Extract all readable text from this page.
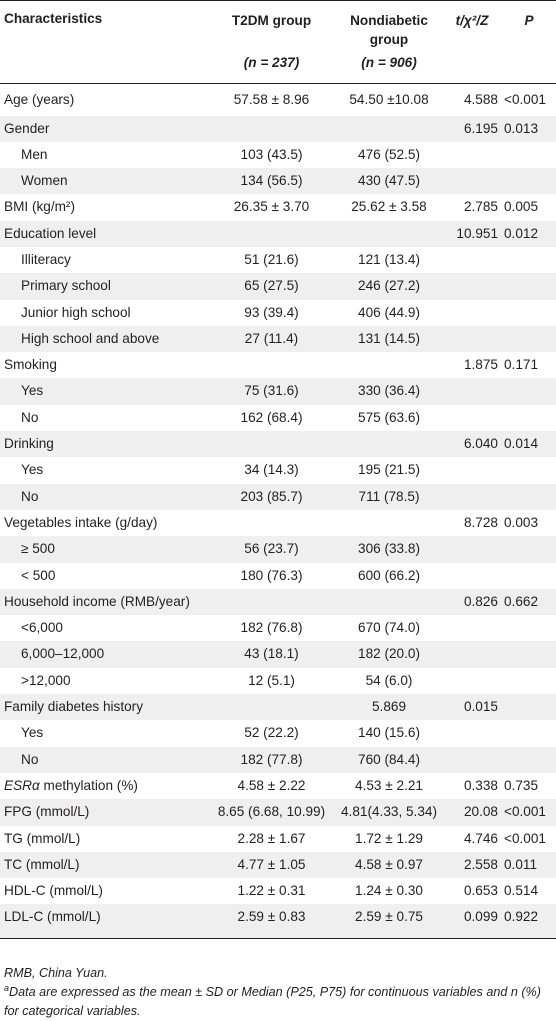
Characteristics	T2DM group	Nondiabetic group	t/χ²/Z	P
	(n = 237)	(n = 906)		
Age (years)	57.58 ± 8.96	54.50 ±10.08	4.588	<0.001
Gender			6.195	0.013
Men	103 (43.5)	476 (52.5)		
Women	134 (56.5)	430 (47.5)		
BMI (kg/m²)	26.35 ± 3.70	25.62 ± 3.58	2.785	0.005
Education level			10.951	0.012
Illiteracy	51 (21.6)	121 (13.4)		
Primary school	65 (27.5)	246 (27.2)		
Junior high school	93 (39.4)	406 (44.9)		
High school and above	27 (11.4)	131 (14.5)		
Smoking			1.875	0.171
Yes	75 (31.6)	330 (36.4)		
No	162 (68.4)	575 (63.6)		
Drinking			6.040	0.014
Yes	34 (14.3)	195 (21.5)		
No	203 (85.7)	711 (78.5)		
Vegetables intake (g/day)			8.728	0.003
≥ 500	56 (23.7)	306 (33.8)		
< 500	180 (76.3)	600 (66.2)		
Household income (RMB/year)			0.826	0.662
<6,000	182 (76.8)	670 (74.0)		
6,000–12,000	43 (18.1)	182 (20.0)		
>12,000	12 (5.1)	54 (6.0)		
Family diabetes history		5.869	0.015	
Yes	52 (22.2)	140 (15.6)		
No	182 (77.8)	760 (84.4)		
ESRα methylation (%)	4.58 ± 2.22	4.53 ± 2.21	0.338	0.735
FPG (mmol/L)	8.65 (6.68, 10.99)	4.81(4.33, 5.34)	20.08	<0.001
TG (mmol/L)	2.28 ± 1.67	1.72 ± 1.29	4.746	<0.001
TC (mmol/L)	4.77 ± 1.05	4.58 ± 0.97	2.558	0.011
HDL-C (mmol/L)	1.22 ± 0.31	1.24 ± 0.30	0.653	0.514
LDL-C (mmol/L)	2.59 ± 0.83	2.59 ± 0.75	0.099	0.922

RMB, China Yuan.

$^a$Data are expressed as the mean ± SD or Median (P25, P75) for continuous variables and n (%) for categorical variables.
